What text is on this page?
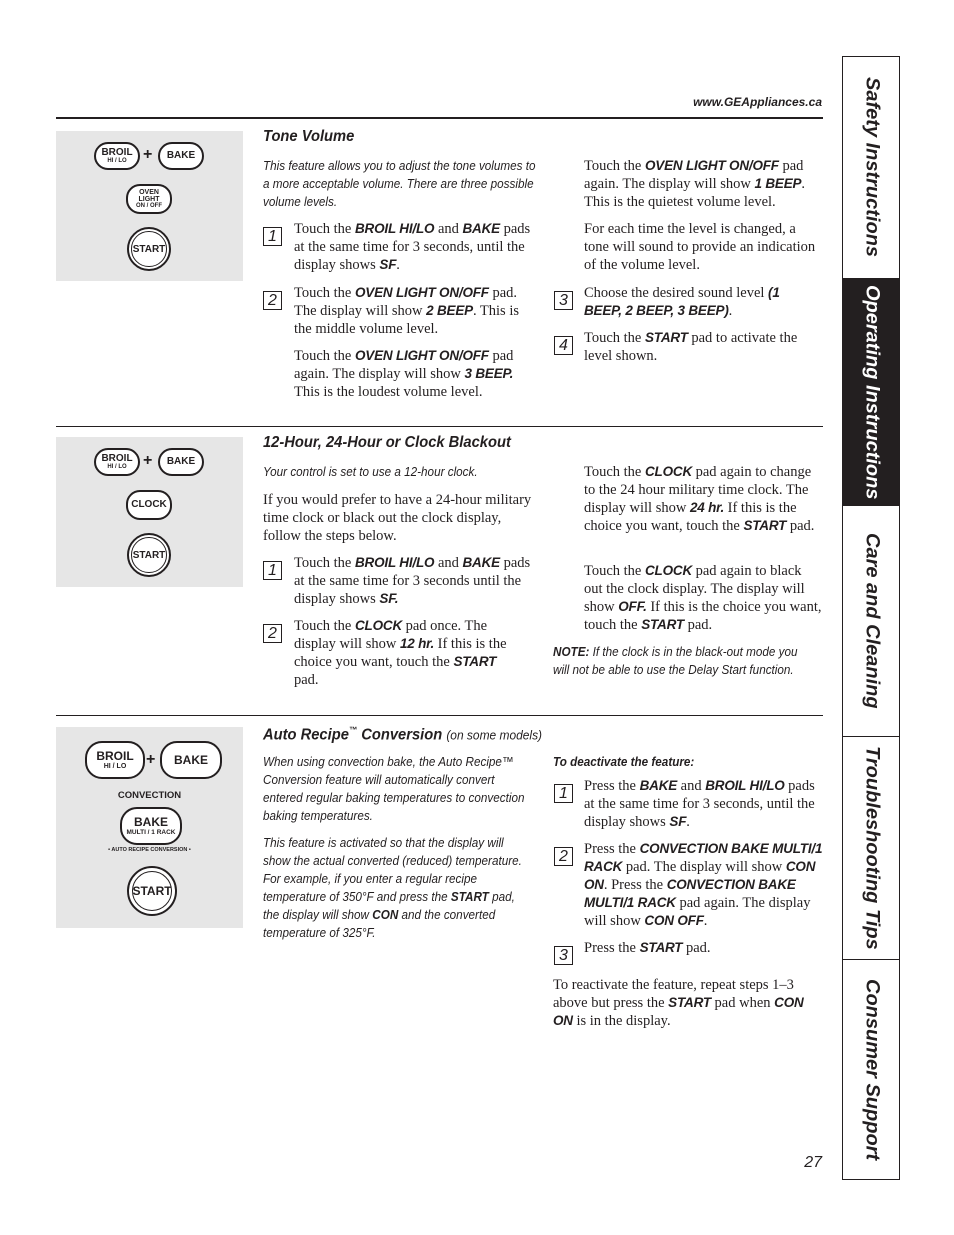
www.GEAppliances.ca
BROIL
HI / LO + BAKE
OVEN
LIGHT
ON / OFF
START
Tone Volume
This feature allows you to adjust the tone volumes to a more acceptable volume. There are three possible volume levels.
1	Touch the BROIL HI/LO and BAKE pads at the same time for 3 seconds, until the display shows SF.
2	Touch the OVEN LIGHT ON/OFF pad. The display will show 2 BEEP. This is the middle volume level.
Touch the OVEN LIGHT ON/OFF pad again. The display will show 3 BEEP. This is the loudest volume level.
Touch the OVEN LIGHT ON/OFF pad again. The display will show 1 BEEP. This is the quietest volume level.
For each time the level is changed, a tone will sound to provide an indication of the volume level.
3	Choose the desired sound level (1 BEEP, 2 BEEP, 3 BEEP).
4	Touch the START pad to activate the level shown.
BROIL
HI / LO + BAKE
CLOCK
START
12-Hour, 24-Hour or Clock Blackout
Your control is set to use a 12-hour clock.
If you would prefer to have a 24-hour military time clock or black out the clock display, follow the steps below.
1	Touch the BROIL HI/LO and BAKE pads at the same time for 3 seconds until the display shows SF.
2	Touch the CLOCK pad once. The display will show 12 hr. If this is the choice you want, touch the START pad.
Touch the CLOCK pad again to change to the 24 hour military time clock. The display will show 24 hr. If this is the choice you want, touch the START pad.
Touch the CLOCK pad again to black out the clock display. The display will show OFF. If this is the choice you want, touch the START pad.
NOTE: If the clock is in the black-out mode you will not be able to use the Delay Start function.
BROIL
HI / LO + BAKE
CONVECTION
BAKE
MULTI / 1 RACK
• AUTO RECIPE CONVERSION •
START
Auto Recipe™ Conversion (on some models)
When using convection bake, the Auto Recipe™ Conversion feature will automatically convert entered regular baking temperatures to convection baking temperatures.
This feature is activated so that the display will show the actual converted (reduced) temperature. For example, if you enter a regular recipe temperature of 350°F and press the START pad, the display will show CON and the converted temperature of 325°F.
To deactivate the feature:
1	Press the BAKE and BROIL HI/LO pads at the same time for 3 seconds, until the display shows SF.
2	Press the CONVECTION BAKE MULTI/1 RACK pad. The display will show CON ON. Press the CONVECTION BAKE MULTI/1 RACK pad again. The display will show CON OFF.
3	Press the START pad.
To reactivate the feature, repeat steps 1–3 above but press the START pad when CON ON is in the display.
27
Safety Instructions
Operating Instructions
Care and Cleaning
Troubleshooting Tips
Consumer Support
